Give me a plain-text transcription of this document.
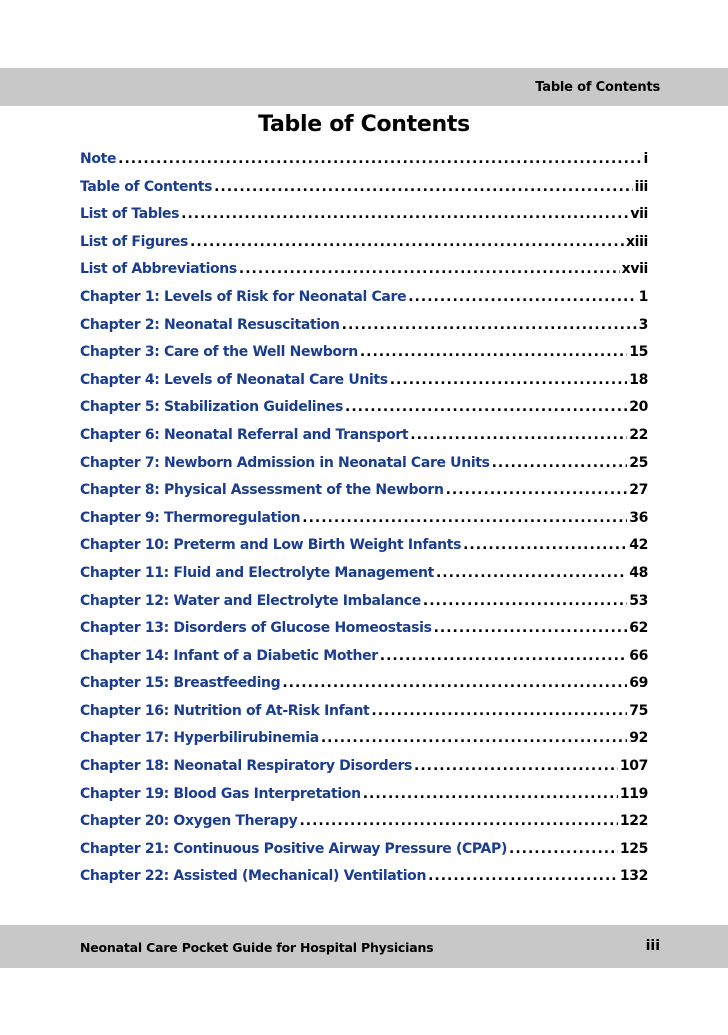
Table of Contents
Table of Contents
Note .....	i
Table of Contents .....	iii
List of Tables .....	vii
List of Figures .....	xiii
List of Abbreviations .....	xvii
Chapter 1: Levels of Risk for Neonatal Care .....	1
Chapter 2: Neonatal Resuscitation .....	3
Chapter 3: Care of the Well Newborn .....	15
Chapter 4: Levels of Neonatal Care Units .....	18
Chapter 5: Stabilization Guidelines .....	20
Chapter 6: Neonatal Referral and Transport .....	22
Chapter 7: Newborn Admission in Neonatal Care Units .....	25
Chapter 8: Physical Assessment of the Newborn .....	27
Chapter 9: Thermoregulation .....	36
Chapter 10: Preterm and Low Birth Weight Infants .....	42
Chapter 11: Fluid and Electrolyte Management .....	48
Chapter 12: Water and Electrolyte Imbalance .....	53
Chapter 13: Disorders of Glucose Homeostasis .....	62
Chapter 14: Infant of a Diabetic Mother .....	66
Chapter 15: Breastfeeding .....	69
Chapter 16: Nutrition of At-Risk Infant .....	75
Chapter 17: Hyperbilirubinemia .....	92
Chapter 18: Neonatal Respiratory Disorders .....	107
Chapter 19: Blood Gas Interpretation .....	119
Chapter 20: Oxygen Therapy .....	122
Chapter 21: Continuous Positive Airway Pressure (CPAP) .....	125
Chapter 22: Assisted (Mechanical) Ventilation .....	132
Neonatal Care Pocket Guide for Hospital Physicians	iii
